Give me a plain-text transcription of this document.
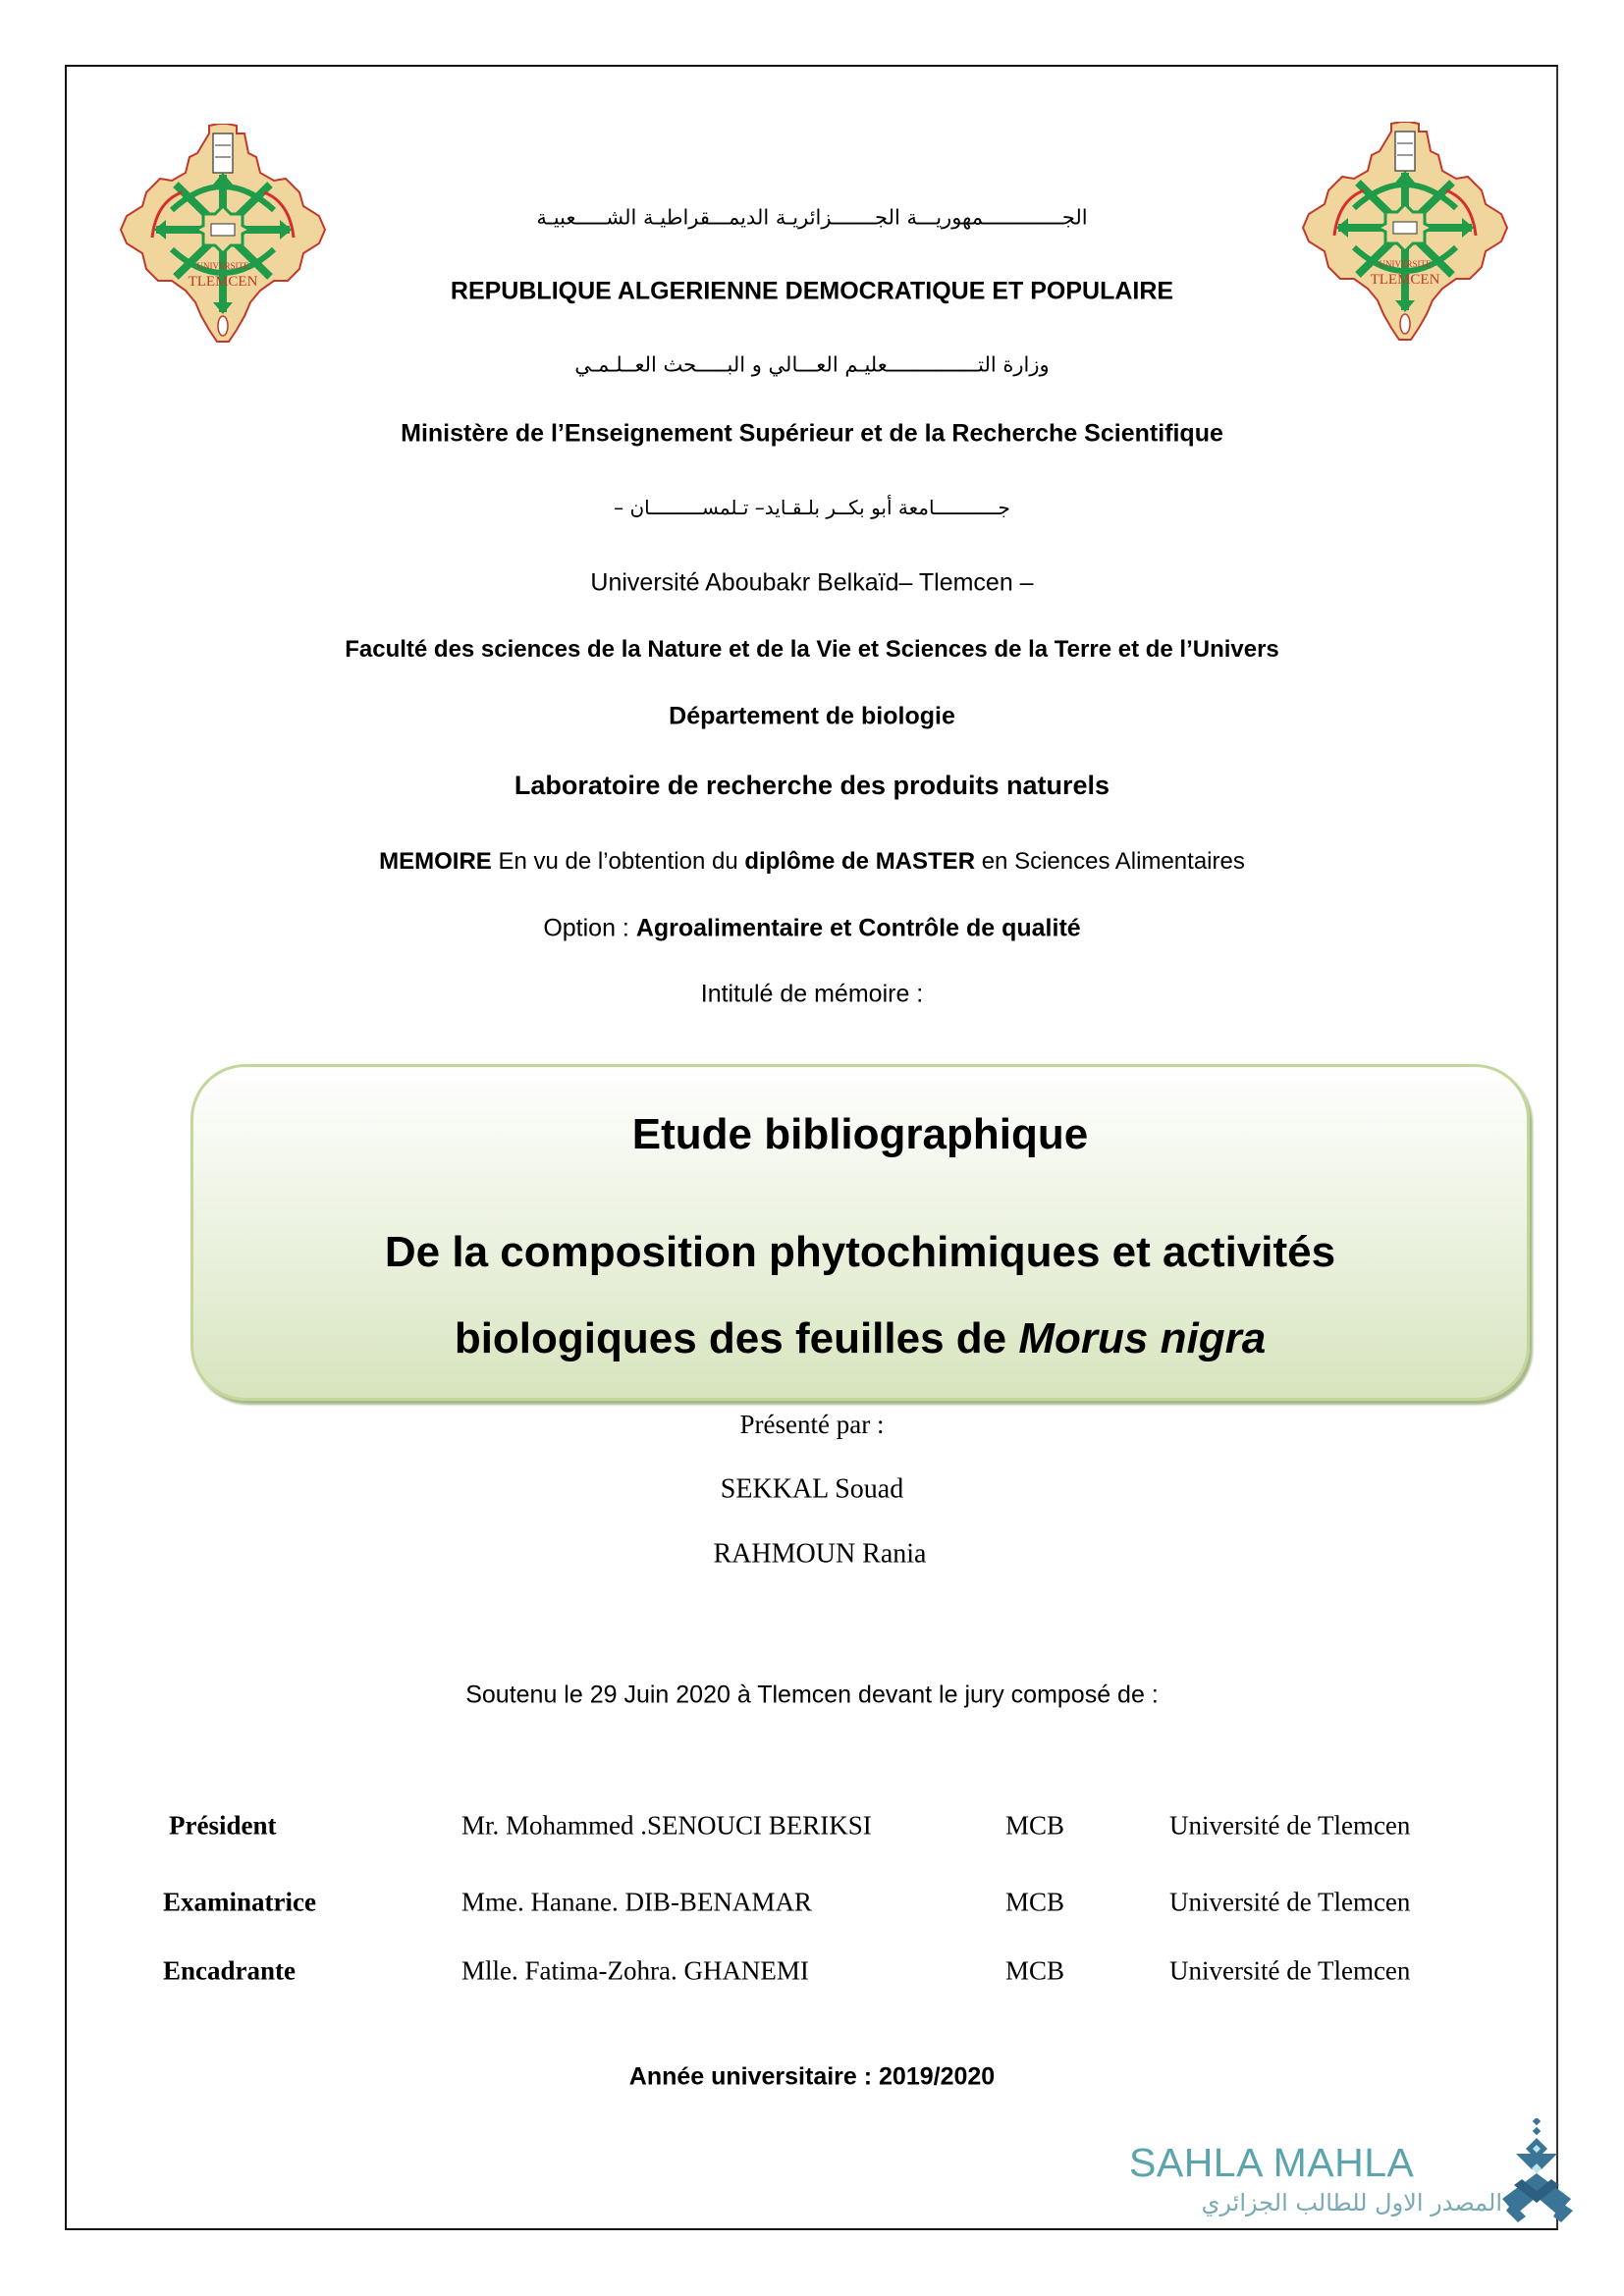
UNIVERSITE
TLEMCEN
UNIVERSITE
TLEMCEN
الجـــــــــــــمهوريـــة الجـــــــزائريـة الديمـــقراطيـة الشـــــعبيـة
REPUBLIQUE ALGERIENNE DEMOCRATIQUE ET POPULAIRE
وزارة التـــــــــــــــعليـم العـــالي و البـــــحث العــلـمـي
Ministère de l’Enseignement Supérieur et de la Recherche Scientifique
جـــــــــــامعة أبو بكــر بلـقـايد– تـلمســـــــــان –
Université Aboubakr Belkaïd– Tlemcen –
Faculté des sciences de la Nature et de la Vie et Sciences de la Terre et de l’Univers
Département de biologie
Laboratoire de recherche des produits naturels
MEMOIRE En vu de l’obtention du diplôme de MASTER en Sciences Alimentaires
Option : Agroalimentaire et Contrôle de qualité
Intitulé de mémoire :
Etude bibliographique
De la composition phytochimiques et activités
biologiques des feuilles de Morus nigra
Présenté par :
SEKKAL Souad
RAHMOUN Rania
Soutenu le 29 Juin 2020 à Tlemcen devant le jury composé de :
Président	Mr. Mohammed .SENOUCI BERIKSI	MCB	Université de Tlemcen
Examinatrice	Mme. Hanane. DIB-BENAMAR	MCB	Université de Tlemcen
Encadrante	Mlle. Fatima-Zohra. GHANEMI	MCB	Université de Tlemcen
Année universitaire : 2019/2020
SAHLA MAHLA
المصدر الاول للطالب الجزائري
